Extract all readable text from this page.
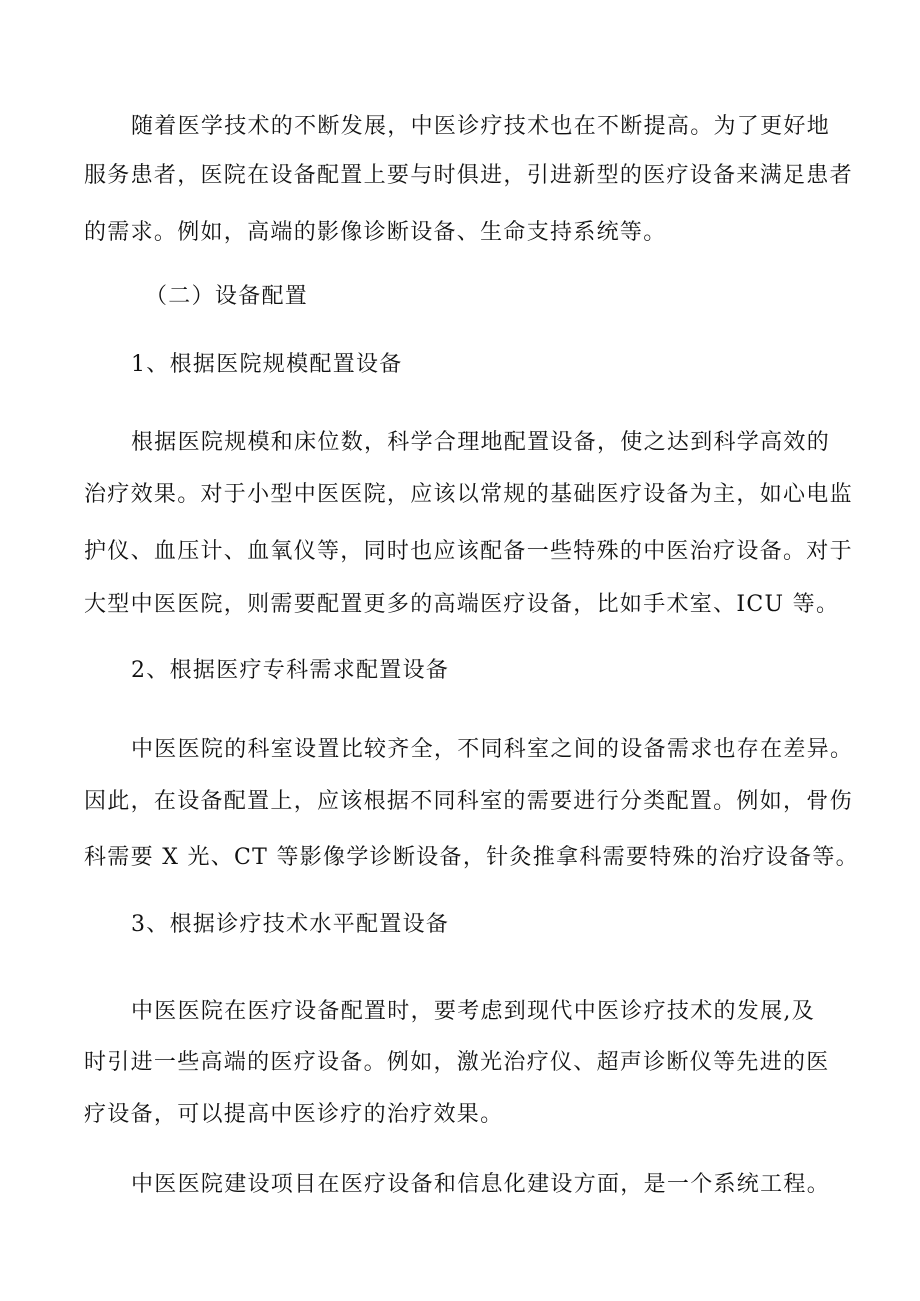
随着医学技术的不断发展，中医诊疗技术也在不断提高。为了更好地
服务患者，医院在设备配置上要与时俱进，引进新型的医疗设备来满足患者
的需求。例如，高端的影像诊断设备、生命支持系统等。
（二）设备配置
1、根据医院规模配置设备
根据医院规模和床位数，科学合理地配置设备，使之达到科学高效的
治疗效果。对于小型中医医院，应该以常规的基础医疗设备为主，如心电监
护仪、血压计、血氧仪等，同时也应该配备一些特殊的中医治疗设备。对于
大型中医医院，则需要配置更多的高端医疗设备，比如手术室、ICU 等。
2、根据医疗专科需求配置设备
中医医院的科室设置比较齐全，不同科室之间的设备需求也存在差异。
因此，在设备配置上，应该根据不同科室的需要进行分类配置。例如，骨伤
科需要 X 光、CT 等影像学诊断设备，针灸推拿科需要特殊的治疗设备等。
3、根据诊疗技术水平配置设备
中医医院在医疗设备配置时，要考虑到现代中医诊疗技术的发展,及
时引进一些高端的医疗设备。例如，激光治疗仪、超声诊断仪等先进的医
疗设备，可以提高中医诊疗的治疗效果。
中医医院建设项目在医疗设备和信息化建设方面，是一个系统工程。
